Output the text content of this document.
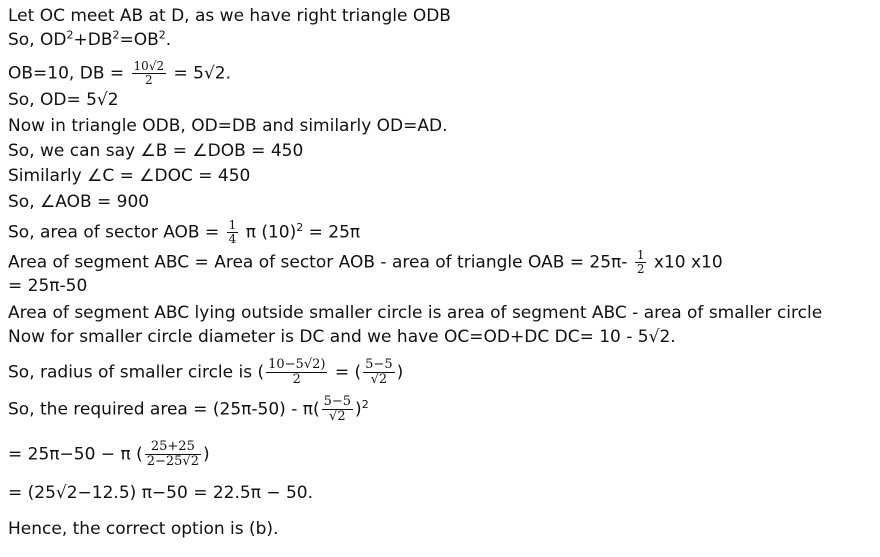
Let OC meet AB at D, as we have right triangle ODB
So, $OD^2+DB^2=OB^2$.
OB=10, DB = $\frac{10√2}{2} = 5√2$.
So, OD= 5√2
Now in triangle ODB, OD=DB and similarly OD=AD.
So, we can say ∠B = ∠DOB = 450
Similarly ∠C = ∠DOC = 450
So, ∠AOB = 900
So, area of sector AOB = $\frac{1}{4}$ π $(10)^2 = 25\pi$
Area of segment ABC = Area of sector AOB - area of triangle OAB = $25\pi- \frac{1}{2} x10$ x10
= 25π-50
Area of segment ABC lying outside smaller circle is area of segment ABC - area of smaller circle
Now for smaller circle diameter is DC and we have OC=OD+DC DC= 10 - 5√2.
So, radius of smaller circle is ( $\frac{10-5√2)}{2}$ = ( $\frac{5-5}{√2}$ )
So, the required area = $(25\pi-50) - \pi( \frac{5-5}{√2} )^2$
= 25π−50 − π ( $\frac{25+25}{2-25√2}$ )
= (25√2−12.5) π−50 = 22.5π − 50.
Hence, the correct option is (b).
